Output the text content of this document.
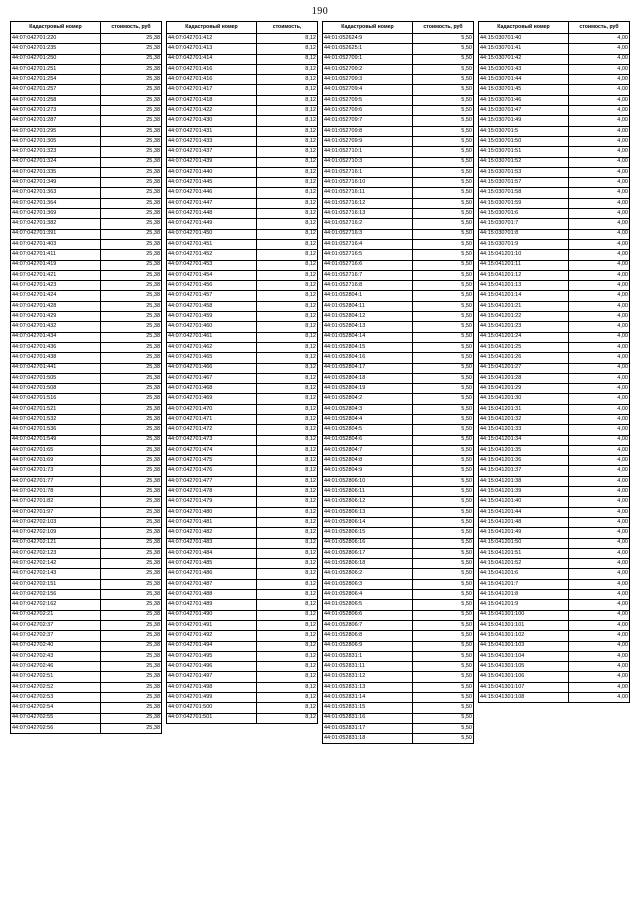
190
Кадастровый номер	стоимость, руб
44:07:042701:220	25,38
44:07:042701:235	25,38
44:07:042701:250	25,38
44:07:042701:251	25,38
44:07:042701:254	25,38
44:07:042701:257	25,38
44:07:042701:258	25,38
44:07:042701:273	25,38
44:07:042701:287	25,38
44:07:042701:295	25,38
44:07:042701:305	25,38
44:07:042701:323	25,38
44:07:042701:324	25,38
44:07:042701:335	25,38
44:07:042701:349	25,38
44:07:042701:363	25,38
44:07:042701:364	25,38
44:07:042701:369	25,38
44:07:042701:382	25,38
44:07:042701:391	25,38
44:07:042701:403	25,38
44:07:042701:411	25,38
44:07:042701:419	25,38
44:07:042701:421	25,38
44:07:042701:423	25,38
44:07:042701:424	25,38
44:07:042701:428	25,38
44:07:042701:429	25,38
44:07:042701:432	25,38
44:07:042701:434	25,38
44:07:042701:436	25,38
44:07:042701:438	25,38
44:07:042701:441	25,38
44:07:042701:505	25,38
44:07:042701:508	25,38
44:07:042701:516	25,38
44:07:042701:521	25,38
44:07:042701:532	25,38
44:07:042701:536	25,38
44:07:042701:549	25,38
44:07:042701:65	25,38
44:07:042701:69	25,38
44:07:042701:73	25,38
44:07:042701:77	25,38
44:07:042701:78	25,38
44:07:042701:82	25,38
44:07:042701:97	25,38
44:07:042702:103	25,38
44:07:042702:109	25,38
44:07:042702:121	25,38
44:07:042702:123	25,38
44:07:042702:142	25,38
44:07:042702:143	25,38
44:07:042702:151	25,38
44:07:042702:156	25,38
44:07:042702:162	25,38
44:07:042702:21	25,38
44:07:042702:37	25,38
44:07:042702:37	25,38
44:07:042702:40	25,38
44:07:042702:43	25,38
44:07:042702:46	25,38
44:07:042702:51	25,38
44:07:042702:52	25,38
44:07:042702:53	25,38
44:07:042702:54	25,38
44:07:042702:55	25,38
44:07:042702:56	25,38
Кадастровый номер	стоимость,
44:07:042701:412	8,12
44:07:042701:413	8,12
44:07:042701:414	8,12
44:07:042701:416	8,12
44:07:042701:416	8,12
44:07:042701:417	8,12
44:07:042701:418	8,12
44:07:042701:422	8,12
44:07:042701:430	8,12
44:07:042701:431	8,12
44:07:042701:433	8,12
44:07:042701:437	8,12
44:07:042701:439	8,12
44:07:042701:440	8,12
44:07:042701:445	8,12
44:07:042701:446	8,12
44:07:042701:447	8,12
44:07:042701:448	8,12
44:07:042701:449	8,12
44:07:042701:450	8,12
44:07:042701:451	8,12
44:07:042701:452	8,12
44:07:042701:453	8,12
44:07:042701:454	8,12
44:07:042701:456	8,12
44:07:042701:457	8,12
44:07:042701:458	8,12
44:07:042701:459	8,12
44:07:042701:460	8,12
44:07:042701:461	8,12
44:07:042701:462	8,12
44:07:042701:465	8,12
44:07:042701:466	8,12
44:07:042701:467	8,12
44:07:042701:468	8,12
44:07:042701:469	8,12
44:07:042701:470	8,12
44:07:042701:471	8,12
44:07:042701:472	8,12
44:07:042701:473	8,12
44:07:042701:474	8,12
44:07:042701:475	8,12
44:07:042701:476	8,12
44:07:042701:477	8,12
44:07:042701:478	8,12
44:07:042701:479	8,12
44:07:042701:480	8,12
44:07:042701:481	8,12
44:07:042701:482	8,12
44:07:042701:483	8,12
44:07:042701:484	8,12
44:07:042701:485	8,12
44:07:042701:486	8,12
44:07:042701:487	8,12
44:07:042701:488	8,12
44:07:042701:489	8,12
44:07:042701:490	8,12
44:07:042701:491	8,12
44:07:042701:492	8,12
44:07:042701:494	8,12
44:07:042701:495	8,12
44:07:042701:496	8,12
44:07:042701:497	8,12
44:07:042701:498	8,12
44:07:042701:499	8,12
44:07:042701:500	8,12
44:07:042701:501	8,12
Кадастровый номер	стоимость, руб
44:01:052624:9	5,50
44:01:052625:1	5,50
44:01:052709:1	5,50
44:01:052709:2	5,50
44:01:052709:3	5,50
44:01:052709:4	5,50
44:01:052709:5	5,50
44:01:052709:6	5,50
44:01:052709:7	5,50
44:01:052709:8	5,50
44:01:052709:9	5,50
44:01:052710:1	5,50
44:01:052710:3	5,50
44:01:052716:1	5,50
44:01:052716:10	5,50
44:01:052716:11	5,50
44:01:052716:12	5,50
44:01:052716:13	5,50
44:01:052716:2	5,50
44:01:052716:3	5,50
44:01:052716:4	5,50
44:01:052716:5	5,50
44:01:052716:6	5,50
44:01:052716:7	5,50
44:01:052716:8	5,50
44:01:052804:1	5,50
44:01:052804:11	5,50
44:01:052804:12	5,50
44:01:052804:13	5,50
44:01:052804:14	5,50
44:01:052804:15	5,50
44:01:052804:16	5,50
44:01:052804:17	5,50
44:01:052804:18	5,50
44:01:052804:19	5,50
44:01:052804:2	5,50
44:01:052804:3	5,50
44:01:052804:4	5,50
44:01:052804:5	5,50
44:01:052804:6	5,50
44:01:052804:7	5,50
44:01:052804:8	5,50
44:01:052804:9	5,50
44:01:052806:10	5,50
44:01:052806:11	5,50
44:01:052806:12	5,50
44:01:052806:13	5,50
44:01:052806:14	5,50
44:01:052806:15	5,50
44:01:052806:16	5,50
44:01:052806:17	5,50
44:01:052806:18	5,50
44:01:052806:2	5,50
44:01:052806:3	5,50
44:01:052806:4	5,50
44:01:052806:5	5,50
44:01:052806:6	5,50
44:01:052806:7	5,50
44:01:052806:8	5,50
44:01:052806:9	5,50
44:01:052831:1	5,50
44:01:052831:11	5,50
44:01:052831:12	5,50
44:01:052831:13	5,50
44:01:052831:14	5,50
44:01:052831:15	5,50
44:01:052831:16	5,50
44:01:052831:17	5,50
44:01:052831:18	5,50
Кадастровый номер	стоимость, руб
44:15:030701:40	4,00
44:15:030701:41	4,00
44:15:030701:42	4,00
44:15:030701:43	4,00
44:15:030701:44	4,00
44:15:030701:45	4,00
44:15:030701:46	4,00
44:15:030701:47	4,00
44:15:030701:49	4,00
44:15:030701:5	4,00
44:15:030701:50	4,00
44:15:030701:51	4,00
44:15:030701:52	4,00
44:15:030701:53	4,00
44:15:030701:57	4,00
44:15:030701:58	4,00
44:15:030701:59	4,00
44:15:030701:6	4,00
44:15:030701:7	4,00
44:15:030701:8	4,00
44:15:030701:9	4,00
44:15:041201:10	4,00
44:15:041201:11	4,00
44:15:041201:12	4,00
44:15:041201:13	4,00
44:15:041201:14	4,00
44:15:041201:21	4,00
44:15:041201:22	4,00
44:15:041201:23	4,00
44:15:041201:24	4,00
44:15:041201:25	4,00
44:15:041201:26	4,00
44:15:041201:27	4,00
44:15:041201:28	4,00
44:15:041201:29	4,00
44:15:041201:30	4,00
44:15:041201:31	4,00
44:15:041201:32	4,00
44:15:041201:33	4,00
44:15:041201:34	4,00
44:15:041201:35	4,00
44:15:041201:36	4,00
44:15:041201:37	4,00
44:15:041201:38	4,00
44:15:041201:39	4,00
44:15:041201:40	4,00
44:15:041201:44	4,00
44:15:041201:48	4,00
44:15:041201:49	4,00
44:15:041201:50	4,00
44:15:041201:51	4,00
44:15:041201:52	4,00
44:15:041201:6	4,00
44:15:041201:7	4,00
44:15:041201:8	4,00
44:15:041201:9	4,00
44:15:041301:100	4,00
44:15:041301:101	4,00
44:15:041301:102	4,00
44:15:041301:103	4,00
44:15:041301:104	4,00
44:15:041301:105	4,00
44:15:041301:106	4,00
44:15:041301:107	4,00
44:15:041301:108	4,00
